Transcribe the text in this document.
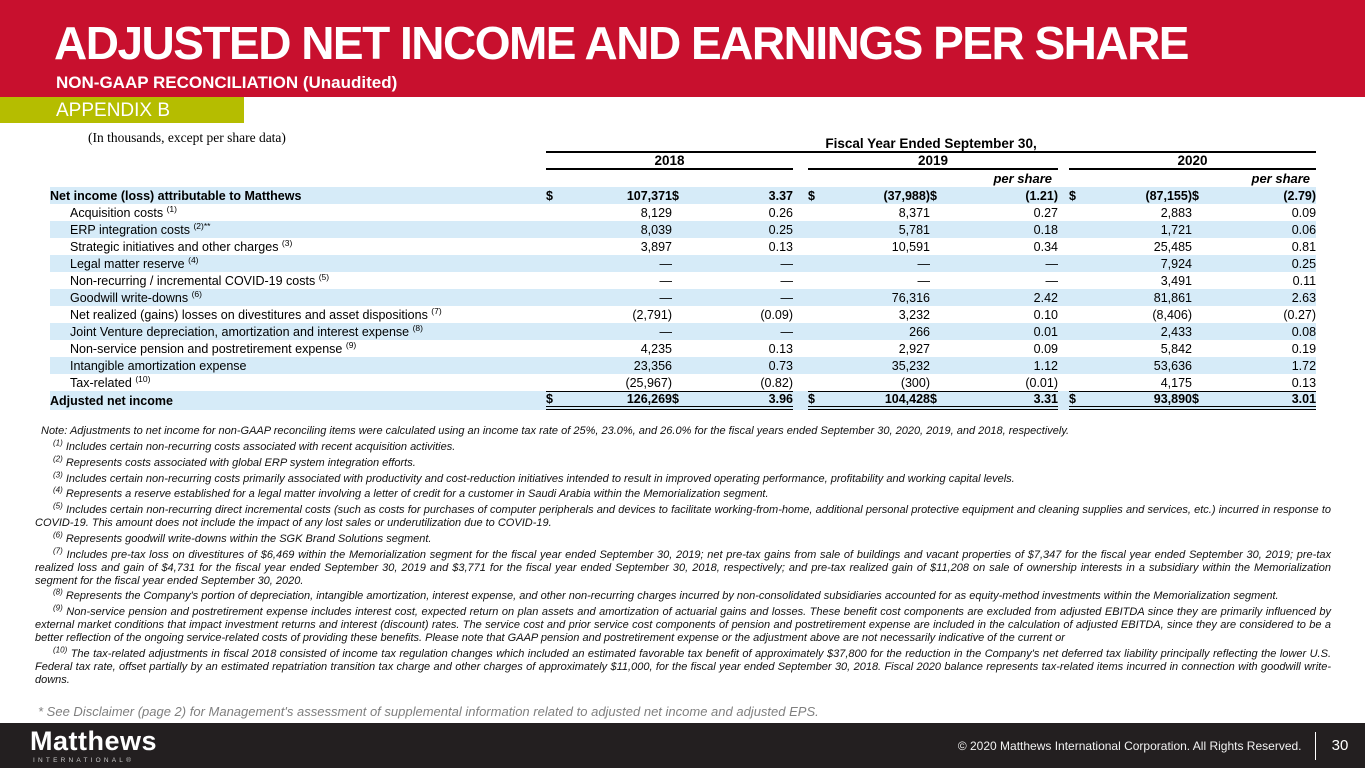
ADJUSTED NET INCOME AND EARNINGS PER SHARE
NON-GAAP RECONCILIATION (Unaudited)
APPENDIX B
(In thousands, except per share data)
		Fiscal Year Ended September 30,													
	2018					2019					2020			
								per share					per share	
Net income (loss) attributable to Matthews	$	107,371	$	3.37		$	(37,988)	$	(1.21)		$	(87,155)	$	(2.79)
Acquisition costs $^{(1)}$		8,129		0.26			8,371		0.27			2,883		0.09
ERP integration costs $^{(2)**}$		8,039		0.25			5,781		0.18			1,721		0.06
Strategic initiatives and other charges $^{(3)}$		3,897		0.13			10,591		0.34			25,485		0.81
Legal matter reserve $^{(4)}$		—		—			—		—			7,924		0.25
Non-recurring / incremental COVID-19 costs $^{(5)}$		—		—			—		—			3,491		0.11
Goodwill write-downs $^{(6)}$		—		—			76,316		2.42			81,861		2.63
Net realized (gains) losses on divestitures and asset dispositions $^{(7)}$		(2,791)		(0.09)			3,232		0.10			(8,406)		(0.27)
Joint Venture depreciation, amortization and interest expense $^{(8)}$		—		—			266		0.01			2,433		0.08
Non-service pension and postretirement expense $^{(9)}$		4,235		0.13			2,927		0.09			5,842		0.19
Intangible amortization expense		23,356		0.73			35,232		1.12			53,636		1.72
Tax-related $^{(10)}$		(25,967)		(0.82)			(300)		(0.01)			4,175		0.13
Adjusted net income	$	126,269	$	3.96		$	104,428	$	3.31		$	93,890	$	3.01

Note: Adjustments to net income for non-GAAP reconciling items were calculated using an income tax rate of 25%, 23.0%, and 26.0% for the fiscal years ended September 30, 2020, 2019, and 2018, respectively.

$^{(1)}$ Includes certain non-recurring costs associated with recent acquisition activities.

$^{(2)}$ Represents costs associated with global ERP system integration efforts.

$^{(3)}$ Includes certain non-recurring costs primarily associated with productivity and cost-reduction initiatives intended to result in improved operating performance, profitability and working capital levels.

$^{(4)}$ Represents a reserve established for a legal matter involving a letter of credit for a customer in Saudi Arabia within the Memorialization segment.

$^{(5)}$ Includes certain non-recurring direct incremental costs (such as costs for purchases of computer peripherals and devices to facilitate working-from-home, additional personal protective equipment and cleaning supplies and services, etc.) incurred in response to COVID-19. This amount does not include the impact of any lost sales or underutilization due to COVID-19.

$^{(6)}$ Represents goodwill write-downs within the SGK Brand Solutions segment.

$^{(7)}$ Includes pre-tax loss on divestitures of $6,469 within the Memorialization segment for the fiscal year ended September 30, 2019; net pre-tax gains from sale of buildings and vacant properties of $7,347 for the fiscal year ended September 30, 2019; pre-tax realized loss and gain of $4,731 for the fiscal year ended September 30, 2019 and $3,771 for the fiscal year ended September 30, 2018, respectively; and pre-tax realized gain of $11,208 on sale of ownership interests in a subsidiary within the Memorialization segment for the fiscal year ended September 30, 2020.

$^{(8)}$ Represents the Company's portion of depreciation, intangible amortization, interest expense, and other non-recurring charges incurred by non-consolidated subsidiaries accounted for as equity-method investments within the Memorialization segment.

$^{(9)}$ Non-service pension and postretirement expense includes interest cost, expected return on plan assets and amortization of actuarial gains and losses. These benefit cost components are excluded from adjusted EBITDA since they are primarily influenced by external market conditions that impact investment returns and interest (discount) rates. The service cost and prior service cost components of pension and postretirement expense are included in the calculation of adjusted EBITDA, since they are considered to be a better reflection of the ongoing service-related costs of providing these benefits. Please note that GAAP pension and postretirement expense or the adjustment above are not necessarily indicative of the current or

$^{(10)}$ The tax-related adjustments in fiscal 2018 consisted of income tax regulation changes which included an estimated favorable tax benefit of approximately $37,800 for the reduction in the Company's net deferred tax liability principally reflecting the lower U.S. Federal tax rate, offset partially by an estimated repatriation transition tax charge and other charges of approximately $11,000, for the fiscal year ended September 30, 2018. Fiscal 2020 balance represents tax-related items incurred in connection with goodwill write-downs.

* See Disclaimer (page 2) for Management's assessment of supplemental information related to adjusted net income and adjusted EPS.
Matthews
INTERNATIONAL®
© 2020 Matthews International Corporation. All Rights Reserved. 30
